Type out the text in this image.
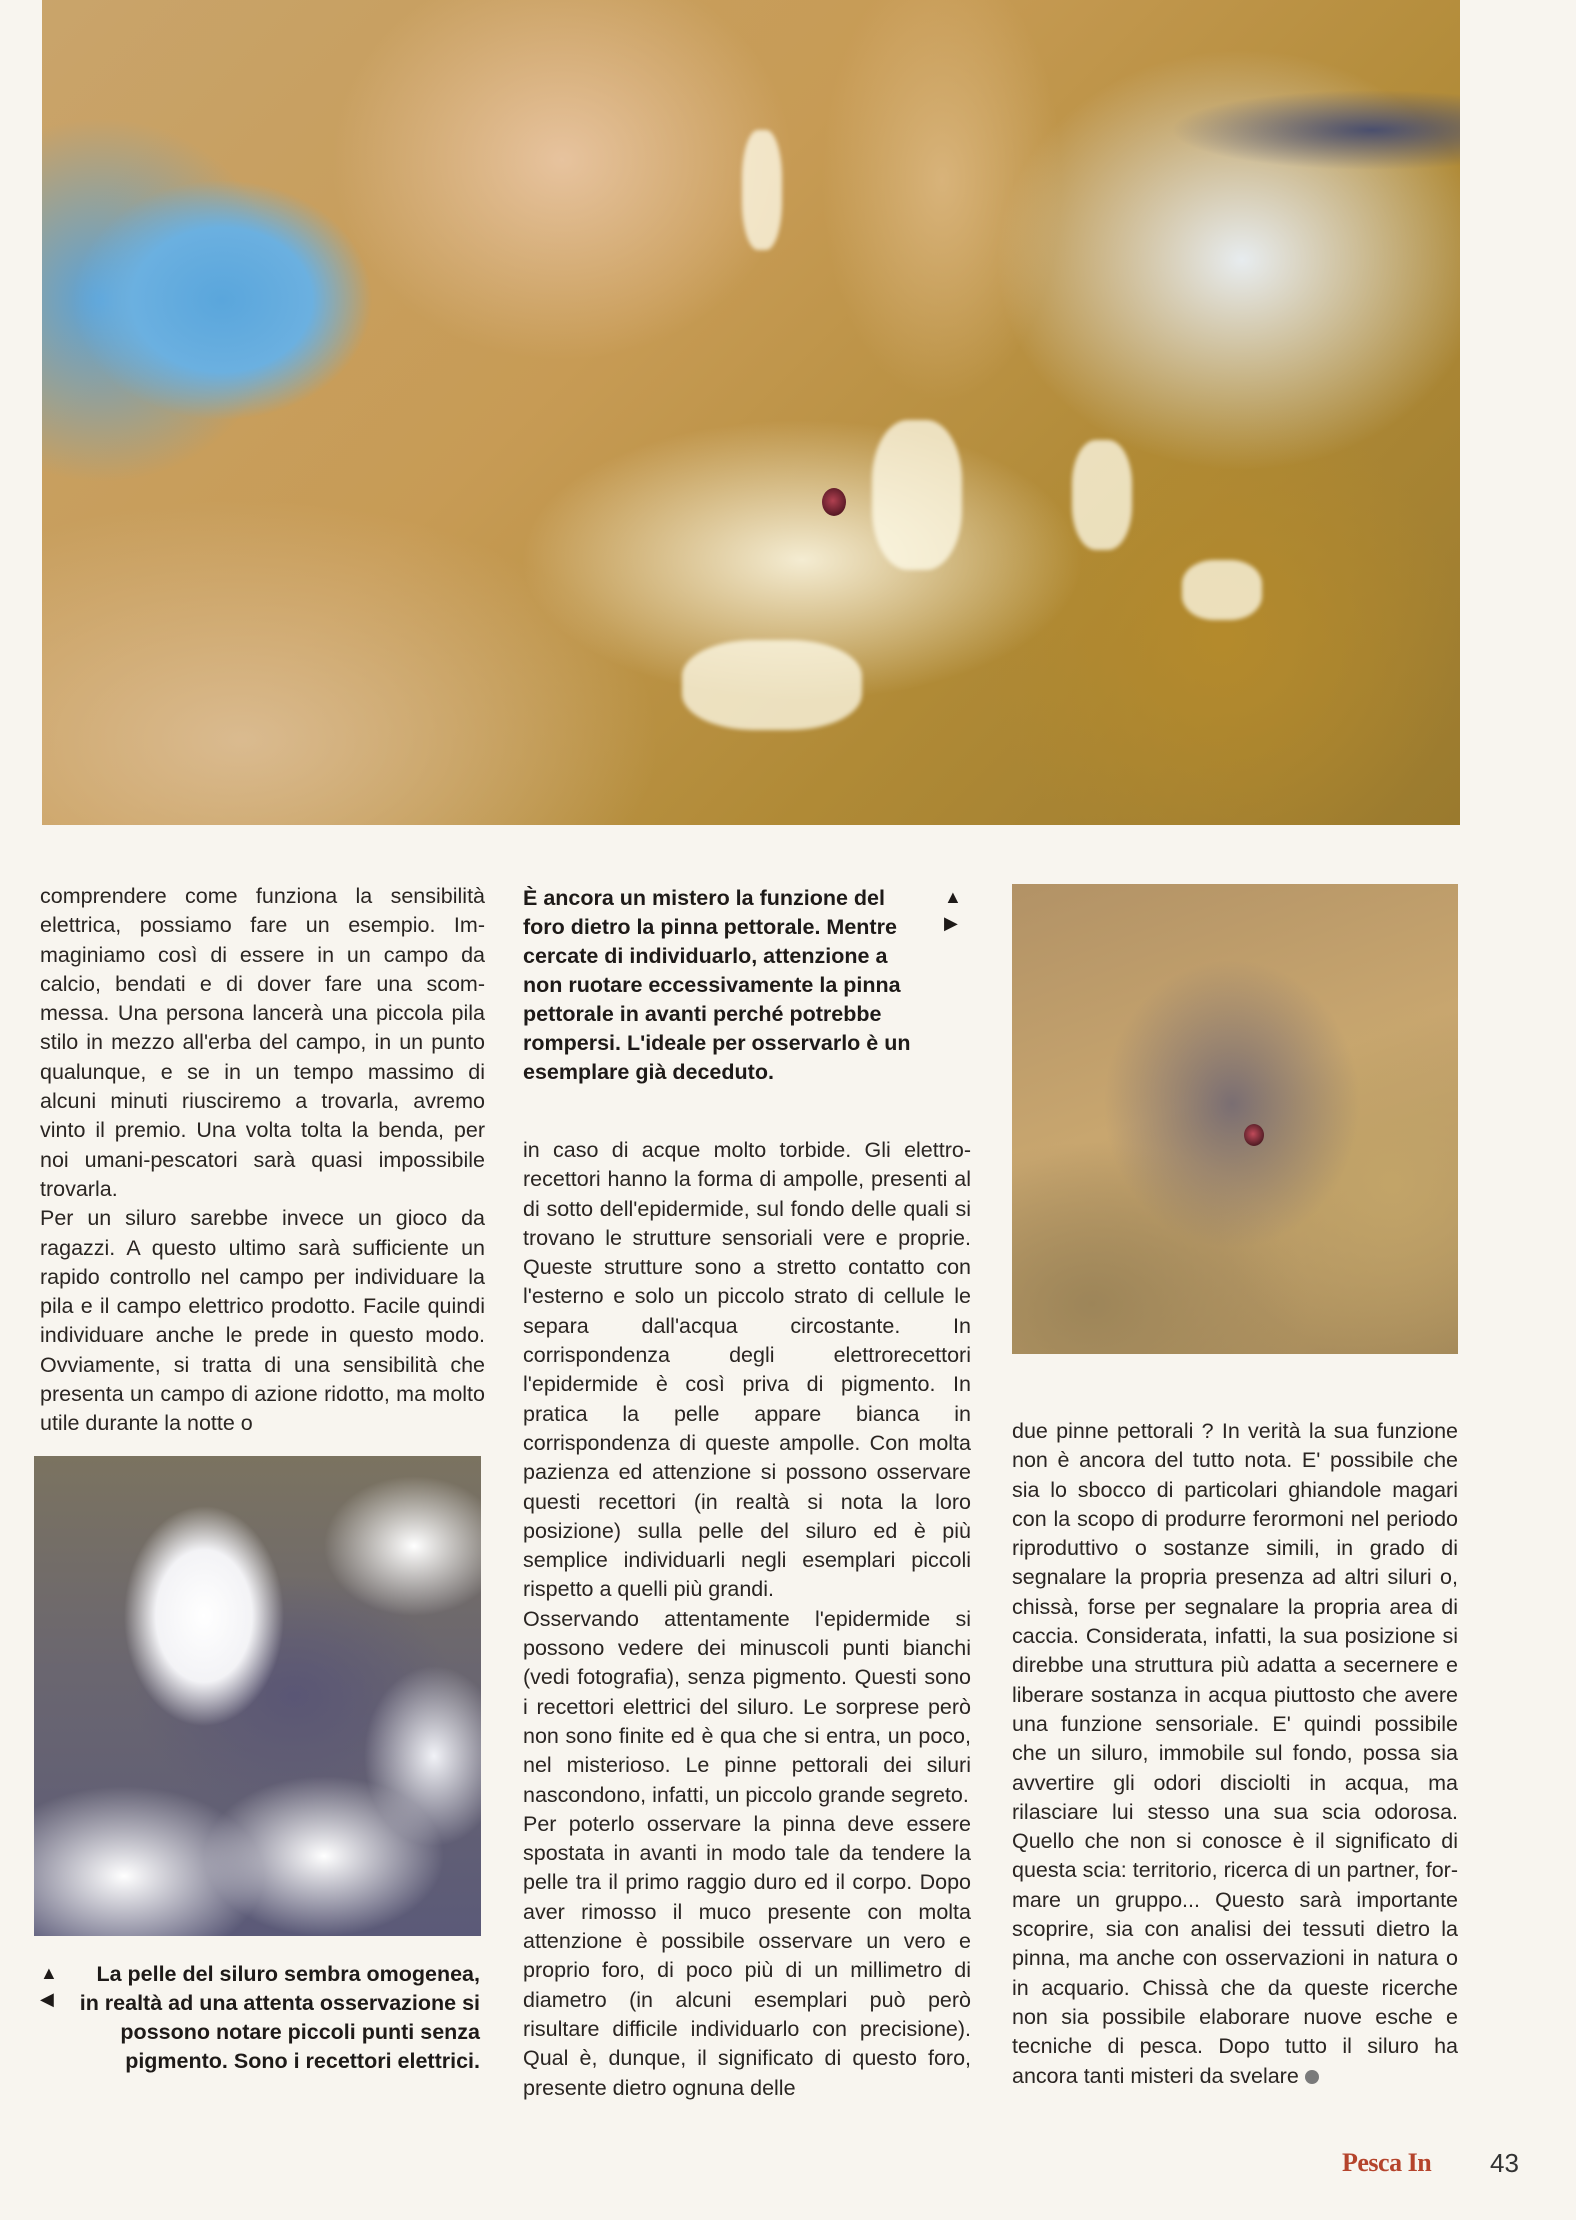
comprendere come funziona la sensibilità elettrica, possiamo fare un esempio. Immaginiamo così di essere in un campo da calcio, bendati e di dover fare una scommessa. Una persona lancerà una piccola pila stilo in mezzo all'erba del campo, in un punto qualunque, e se in un tempo massimo di alcuni minuti riusciremo a trovarla, avremo vinto il premio. Una volta tolta la benda, per noi umani-pescatori sarà quasi impossibile trovarla.

Per un siluro sarebbe invece un gioco da ragazzi. A questo ultimo sarà sufficiente un rapido controllo nel campo per individuare la pila e il campo elettrico prodotto. Facile quindi individuare anche le prede in questo modo. Ovviamente, si tratta di una sensibilità che presenta un campo di azione ridotto, ma molto utile durante la notte o

È ancora un mistero la funzione del foro dietro la pinna pettorale. Mentre cercate di individuarlo, attenzione a non ruotare eccessivamente la pinna pettorale in avanti perché potrebbe rompersi. L'ideale per osservarlo è un esemplare già deceduto.
▲
▶

in caso di acque molto torbide. Gli elettrorecettori hanno la forma di ampolle, presenti al di sotto dell'epidermide, sul fondo delle quali si trovano le strutture sensoriali vere e proprie. Queste strutture sono a stretto contatto con l'esterno e solo un piccolo strato di cellule le separa dall'acqua circostante. In corrispondenza degli elettrorecettori l'epidermide è così priva di pigmento. In pratica la pelle appare bianca in corrispondenza di queste ampolle. Con molta pazienza ed attenzione si possono osservare questi recettori (in realtà si nota la loro posizione) sulla pelle del siluro ed è più semplice individuarli negli esemplari piccoli rispetto a quelli più grandi.

Osservando attentamente l'epidermide si possono vedere dei minuscoli punti bianchi (vedi fotografia), senza pigmento. Questi sono i recettori elettrici del siluro. Le sorprese però non sono finite ed è qua che si entra, un poco, nel misterioso. Le pinne pettorali dei siluri nascondono, infatti, un piccolo grande segreto.

Per poterlo osservare la pinna deve essere spostata in avanti in modo tale da tendere la pelle tra il primo raggio duro ed il corpo. Dopo aver rimosso il muco presente con molta attenzione è possibile osservare un vero e proprio foro, di poco più di un millimetro di diametro (in alcuni esemplari può però risultare difficile individuarlo con precisione). Qual è, dunque, il significato di questo foro, presente dietro ognuna delle

▲
◀
La pelle del siluro sembra omogenea, in realtà ad una attenta osservazione si possono notare piccoli punti senza pigmento. Sono i recettori elettrici.

due pinne pettorali ? In verità la sua funzione non è ancora del tutto nota. E' possibile che sia lo sbocco di particolari ghiandole magari con la scopo di produrre ferormoni nel periodo riproduttivo o sostanze simili, in grado di segnalare la propria presenza ad altri siluri o, chissà, forse per segnalare la propria area di caccia. Considerata, infatti, la sua posizione si direbbe una struttura più adatta a secernere e liberare sostanza in acqua piuttosto che avere una funzione sensoriale. E' quindi possibile che un siluro, immobile sul fondo, possa sia avvertire gli odori disciolti in acqua, ma rilasciare lui stesso una sua scia odorosa. Quello che non si conosce è il significato di questa scia: territorio, ricerca di un partner, formare un gruppo... Questo sarà importante scoprire, sia con analisi dei tessuti dietro la pinna, ma anche con osservazioni in natura o in acquario. Chissà che da queste ricerche non sia possibile elaborare nuove esche e tecniche di pesca. Dopo tutto il siluro ha ancora tanti misteri da svelare

Pesca In 43
